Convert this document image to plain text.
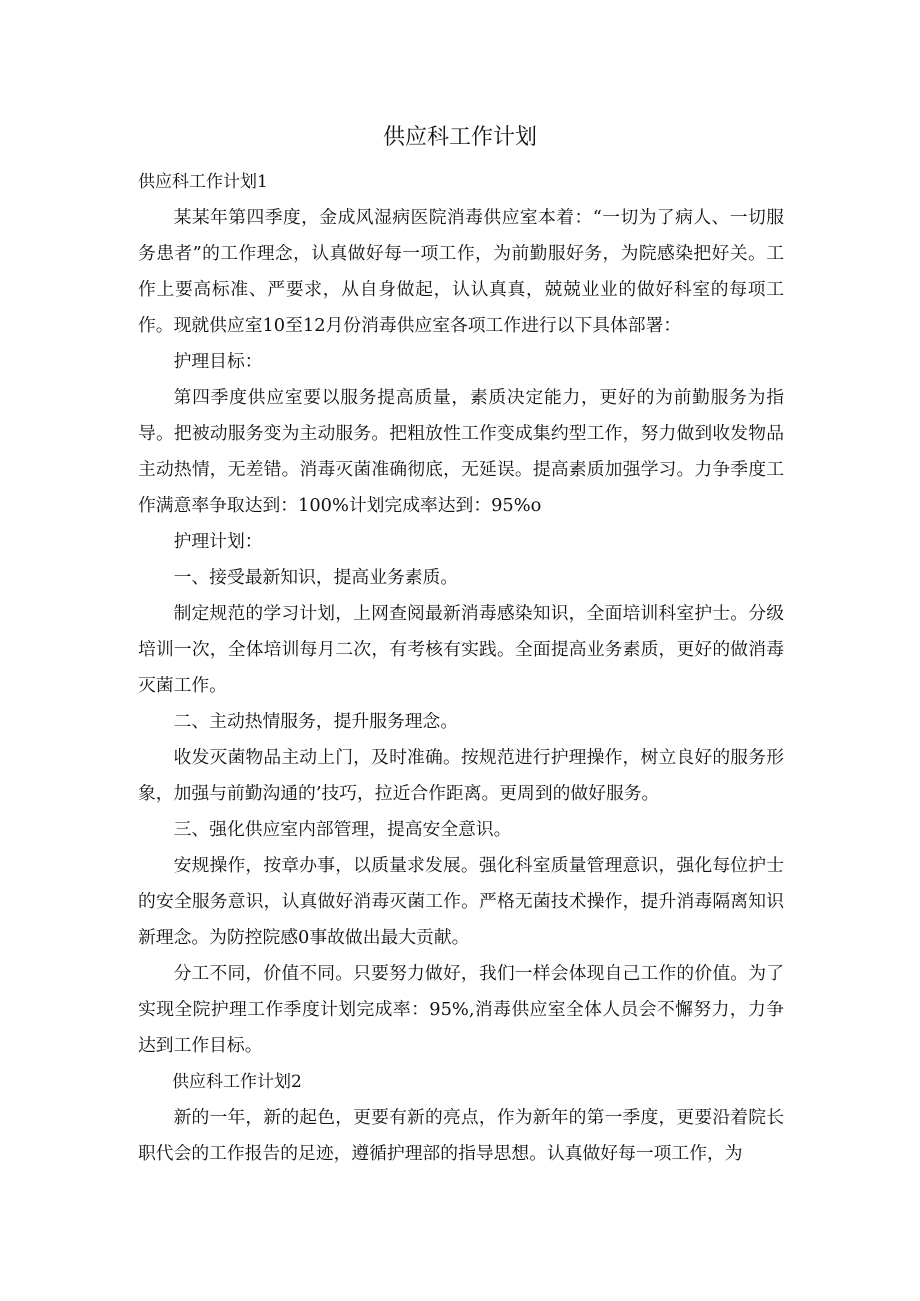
供应科工作计划

供应科工作计划1

某某年第四季度，金成风湿病医院消毒供应室本着：“一切为了病人、一切服务患者”的工作理念，认真做好每一项工作，为前勤服好务，为院感染把好关。工作上要高标准、严要求，从自身做起，认认真真，兢兢业业的做好科室的每项工作。现就供应室10至12月份消毒供应室各项工作进行以下具体部署：

护理目标：

第四季度供应室要以服务提高质量，素质决定能力，更好的为前勤服务为指导。把被动服务变为主动服务。把粗放性工作变成集约型工作，努力做到收发物品主动热情，无差错。消毒灭菌准确彻底，无延误。提高素质加强学习。力争季度工作满意率争取达到：100%计划完成率达到：95%o

护理计划：

一、接受最新知识，提高业务素质。

制定规范的学习计划，上网查阅最新消毒感染知识，全面培训科室护士。分级培训一次，全体培训每月二次，有考核有实践。全面提高业务素质，更好的做消毒灭菌工作。

二、主动热情服务，提升服务理念。

收发灭菌物品主动上门，及时准确。按规范进行护理操作，树立良好的服务形象，加强与前勤沟通的’技巧，拉近合作距离。更周到的做好服务。

三、强化供应室内部管理，提高安全意识。

安规操作，按章办事，以质量求发展。强化科室质量管理意识，强化每位护士的安全服务意识，认真做好消毒灭菌工作。严格无菌技术操作，提升消毒隔离知识新理念。为防控院感0事故做出最大贡献。

分工不同，价值不同。只要努力做好，我们一样会体现自己工作的价值。为了实现全院护理工作季度计划完成率：95%,消毒供应室全体人员会不懈努力，力争达到工作目标。

供应科工作计划2

新的一年，新的起色，更要有新的亮点，作为新年的第一季度，更要沿着院长职代会的工作报告的足迹，遵循护理部的指导思想。认真做好每一项工作，为
